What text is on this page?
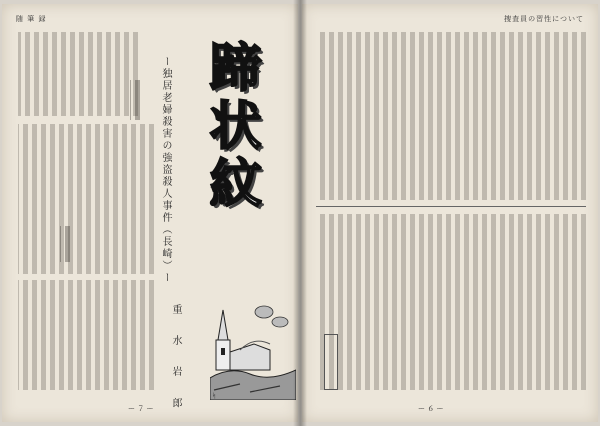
随 筆 録
蹄状紋
ー独居老婦殺害の強盗殺人事件（長崎）ー
重 水 岩 郎	ᛋ
ー ７ ー
捜査員の習性について
ー ６ ー
